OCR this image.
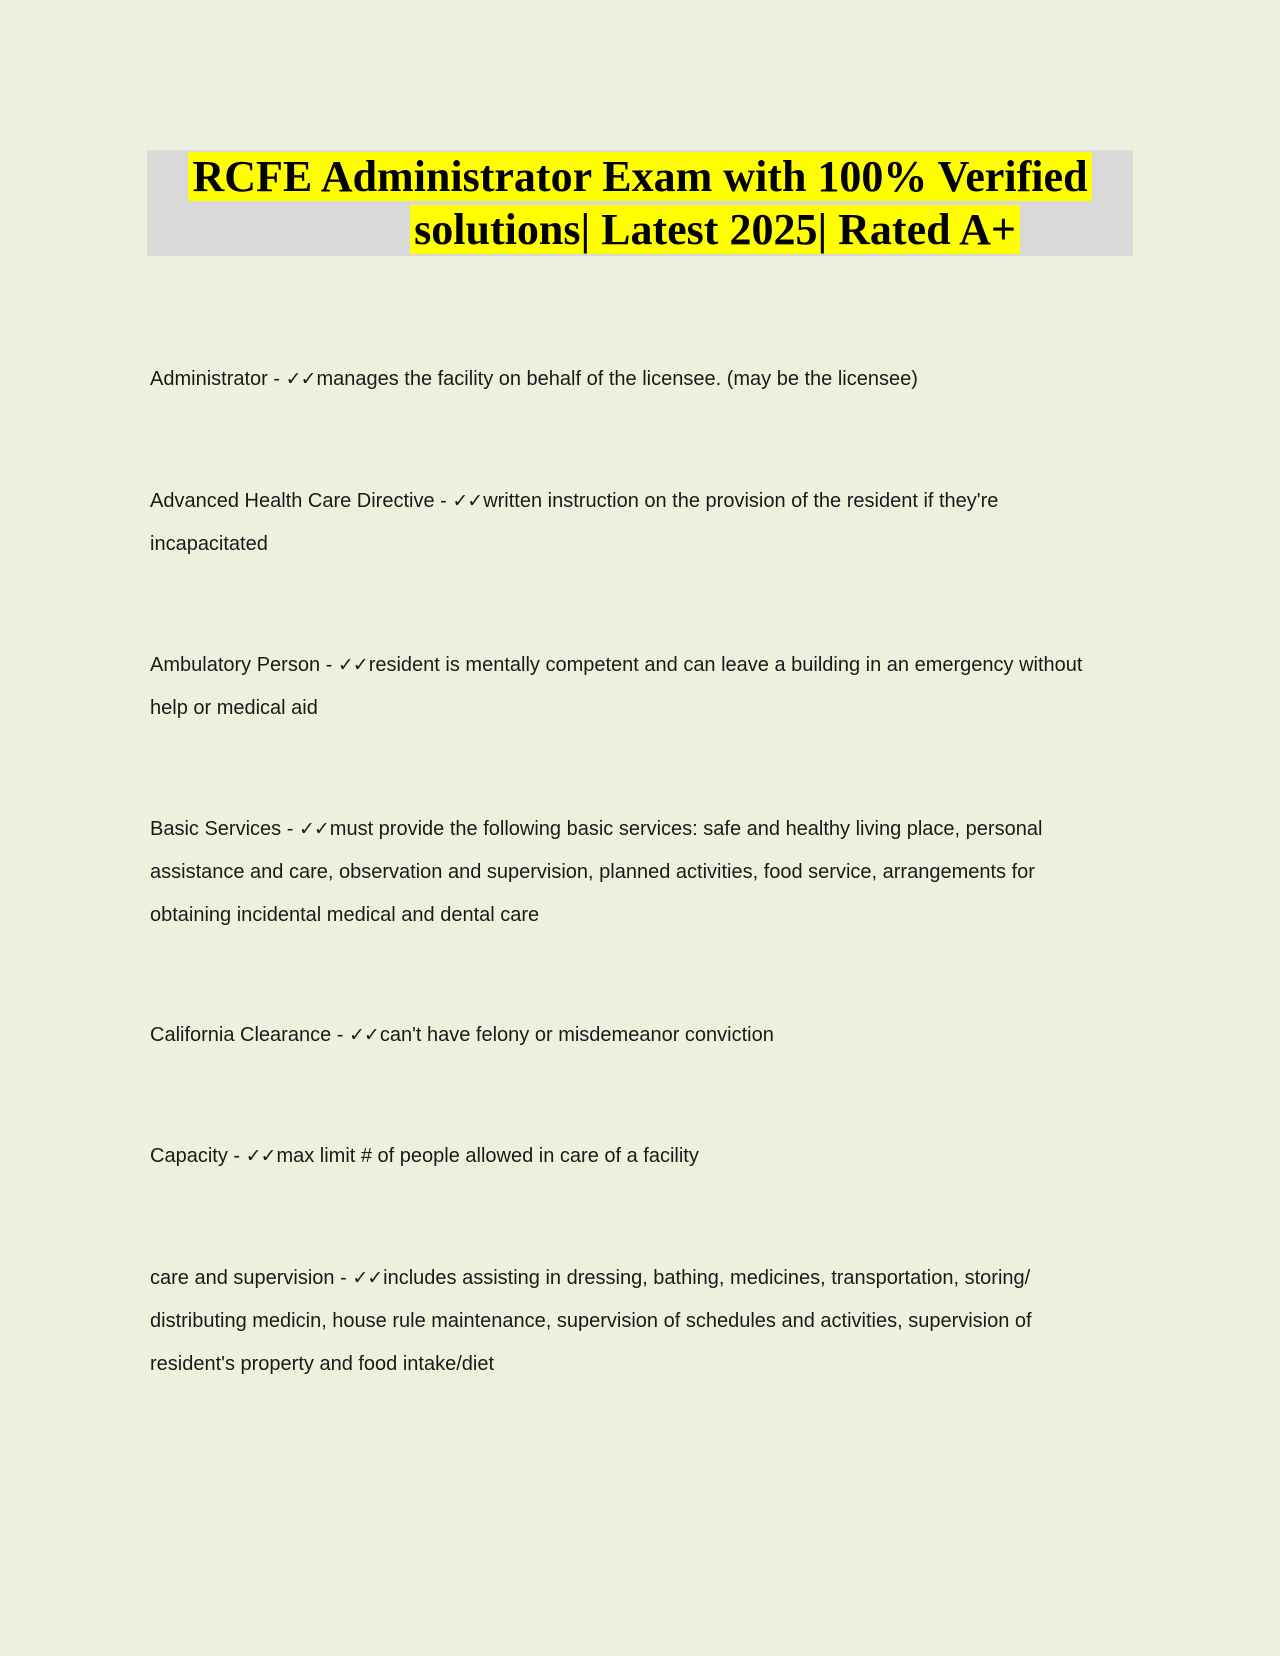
RCFE Administrator Exam with 100% Verified
solutions| Latest 2025| Rated A+

Administrator - ✓✓manages the facility on behalf of the licensee. (may be the licensee)

Advanced Health Care Directive - ✓✓written instruction on the provision of the resident if they're incapacitated

Ambulatory Person - ✓✓resident is mentally competent and can leave a building in an emergency without help or medical aid

Basic Services - ✓✓must provide the following basic services: safe and healthy living place, personal assistance and care, observation and supervision, planned activities, food service, arrangements for obtaining incidental medical and dental care

California Clearance - ✓✓can't have felony or misdemeanor conviction

Capacity - ✓✓max limit # of people allowed in care of a facility

care and supervision - ✓✓includes assisting in dressing, bathing, medicines, transportation, storing/ distributing medicin, house rule maintenance, supervision of schedules and activities, supervision of resident's property and food intake/diet
